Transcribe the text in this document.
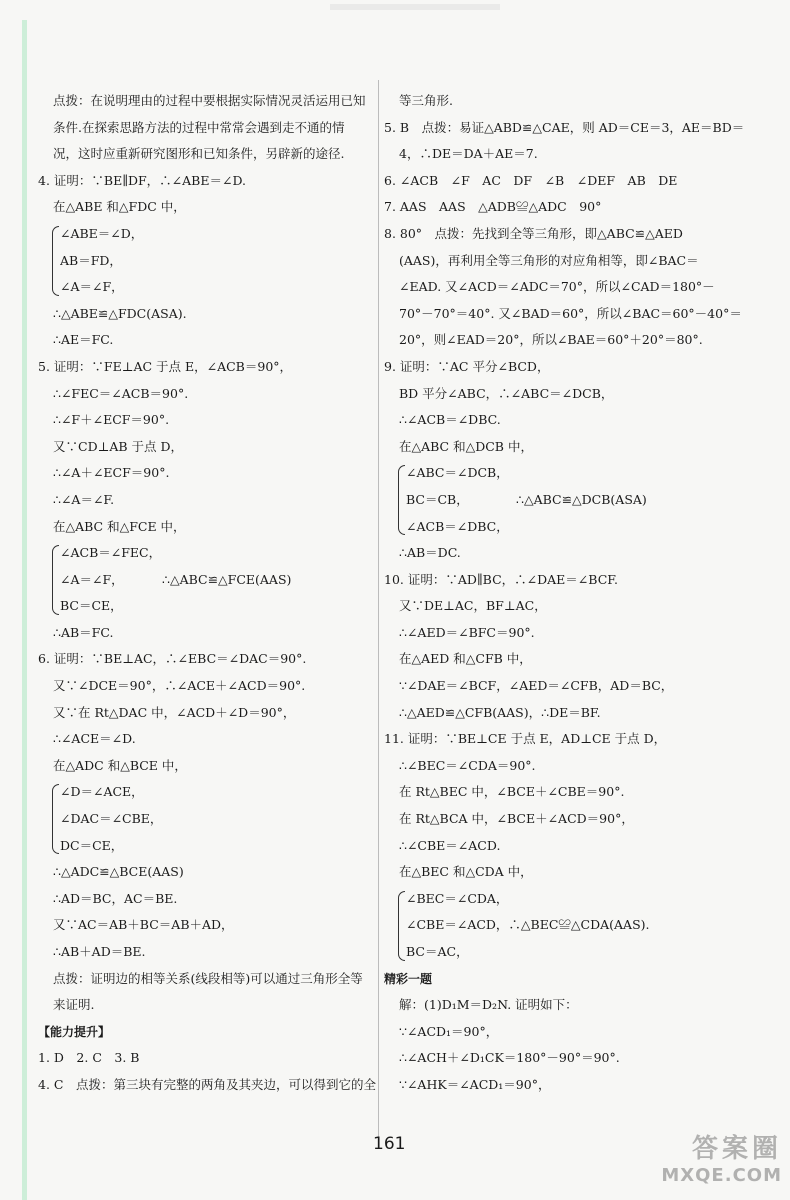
点拨：在说明理由的过程中要根据实际情况灵活运用已知
条件.在探索思路方法的过程中常常会遇到走不通的情
况，这时应重新研究图形和已知条件，另辟新的途径.
4. 证明：∵BE∥DF，∴∠ABE＝∠D.
在△ABE 和△FDC 中，
∠ABE＝∠D，
AB＝FD，
∠A＝∠F，
∴△ABE≌△FDC(ASA).
∴AE＝FC.
5. 证明：∵FE⊥AC 于点 E，∠ACB＝90°，
∴∠FEC＝∠ACB＝90°.
∴∠F＋∠ECF＝90°.
又∵CD⊥AB 于点 D，
∴∠A＋∠ECF＝90°.
∴∠A＝∠F.
在△ABC 和△FCE 中，
∠ACB＝∠FEC，
∠A＝∠F，
BC＝CE，
∴△ABC≌△FCE(AAS)
∴AB＝FC.
6. 证明：∵BE⊥AC，∴∠EBC＝∠DAC＝90°.
又∵∠DCE＝90°，∴∠ACE＋∠ACD＝90°.
又∵在 Rt△DAC 中，∠ACD＋∠D＝90°，
∴∠ACE＝∠D.
在△ADC 和△BCE 中，
∠D＝∠ACE，
∠DAC＝∠CBE，
DC＝CE，
∴△ADC≌△BCE(AAS)
∴AD＝BC，AC＝BE.
又∵AC＝AB＋BC＝AB＋AD，
∴AB＋AD＝BE.
点拨：证明边的相等关系(线段相等)可以通过三角形全等
来证明.
【能力提升】
1. D　2. C　3. B
4. C　点拨：第三块有完整的两角及其夹边，可以得到它的全
等三角形.
5. B　点拨：易证△ABD≌△CAE，则 AD＝CE＝3，AE＝BD＝
4，∴DE＝DA＋AE＝7.
6. ∠ACB　∠F　AC　DF　∠B　∠DEF　AB　DE
7. AAS　AAS　△ADB≌△ADC　90°
8. 80°　点拨：先找到全等三角形，即△ABC≌△AED
(AAS)，再利用全等三角形的对应角相等，即∠BAC＝
∠EAD. 又∠ACD＝∠ADC＝70°，所以∠CAD＝180°－
70°－70°＝40°. 又∠BAD＝60°，所以∠BAC＝60°－40°＝
20°，则∠EAD＝20°，所以∠BAE＝60°＋20°＝80°.
9. 证明：∵AC 平分∠BCD，
BD 平分∠ABC，∴∠ABC＝∠DCB，
∴∠ACB＝∠DBC.
在△ABC 和△DCB 中，
∠ABC＝∠DCB，
BC＝CB，
∠ACB＝∠DBC，
∴△ABC≌△DCB(ASA)
∴AB＝DC.
10. 证明：∵AD∥BC，∴∠DAE＝∠BCF.
又∵DE⊥AC，BF⊥AC，
∴∠AED＝∠BFC＝90°.
在△AED 和△CFB 中，
∵∠DAE＝∠BCF，∠AED＝∠CFB，AD＝BC，
∴△AED≌△CFB(AAS)，∴DE＝BF.
11. 证明：∵BE⊥CE 于点 E，AD⊥CE 于点 D，
∴∠BEC＝∠CDA＝90°.
在 Rt△BEC 中，∠BCE＋∠CBE＝90°.
在 Rt△BCA 中，∠BCE＋∠ACD＝90°，
∴∠CBE＝∠ACD.
在△BEC 和△CDA 中，
∠BEC＝∠CDA，
∠CBE＝∠ACD，∴△BEC≌△CDA(AAS).
BC＝AC，
精彩一题
解：(1)D₁M＝D₂N. 证明如下：
∵∠ACD₁＝90°，
∴∠ACH＋∠D₁CK＝180°－90°＝90°.
∵∠AHK＝∠ACD₁＝90°，
161	答案圈
MXQE.COM
